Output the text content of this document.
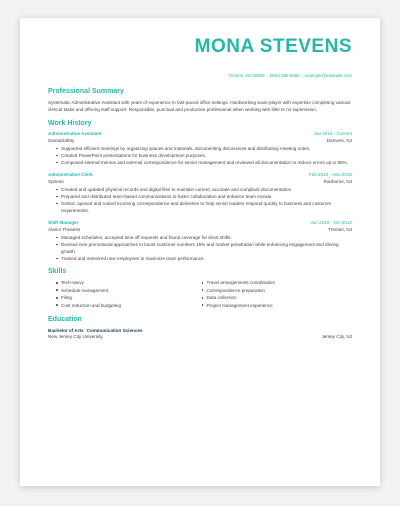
MONA STEVENS
Trenton, NJ 08609 | (555) 555-5555 | example@example.com
Professional Summary
Systematic Administrative Assistant with years of experience in fast-paced office settings. Hardworking team-player with expertise completing various clerical tasks and offering staff support. Responsible, punctual and productive professional when working with little to no supervision.
Work History
Administrative Assistant	Jan 2016 - Current
SamtaSafety	Danvers, NJ
Supported efficient meetings by organizing spaces and materials, documenting discussions and distributing meeting notes.
Created PowerPoint presentations for business development purposes.
Composed internal memos and external correspondence for senior management and reviewed all documentation to reduce errors up to 85%.
Administrative Clerk	Feb 2013 - Nov 2015
Spireon	Ranburne, NJ
Created and updated physical records and digital files to maintain current, accurate and compliant documentation.
Prepared and distributed team-based communications to foster collaboration and enhance team morale.
Sorted, opened and routed incoming correspondence and deliveries to help senior leaders respond quickly to business and customer requirements.
Shift Manager	Jun 2010 - Oct 2012
Alamo Theatres	Trenton, NJ
Managed schedules, accepted time off requests and found coverage for short shifts.
Devised new promotional approaches to boost customer numbers 15% and market penetration while enhancing engagement and driving growth.
Trained and mentored new employees to maximize team performance.
Skills
Tech-savvy
Schedule management
Filing
Cost reduction and budgeting
Travel arrangements coordination
Correspondence preparation
Data collection
Project management experience
Education
Bachelor of Arts Communication Sciences
New Jersey City University	Jersey City, NJ
